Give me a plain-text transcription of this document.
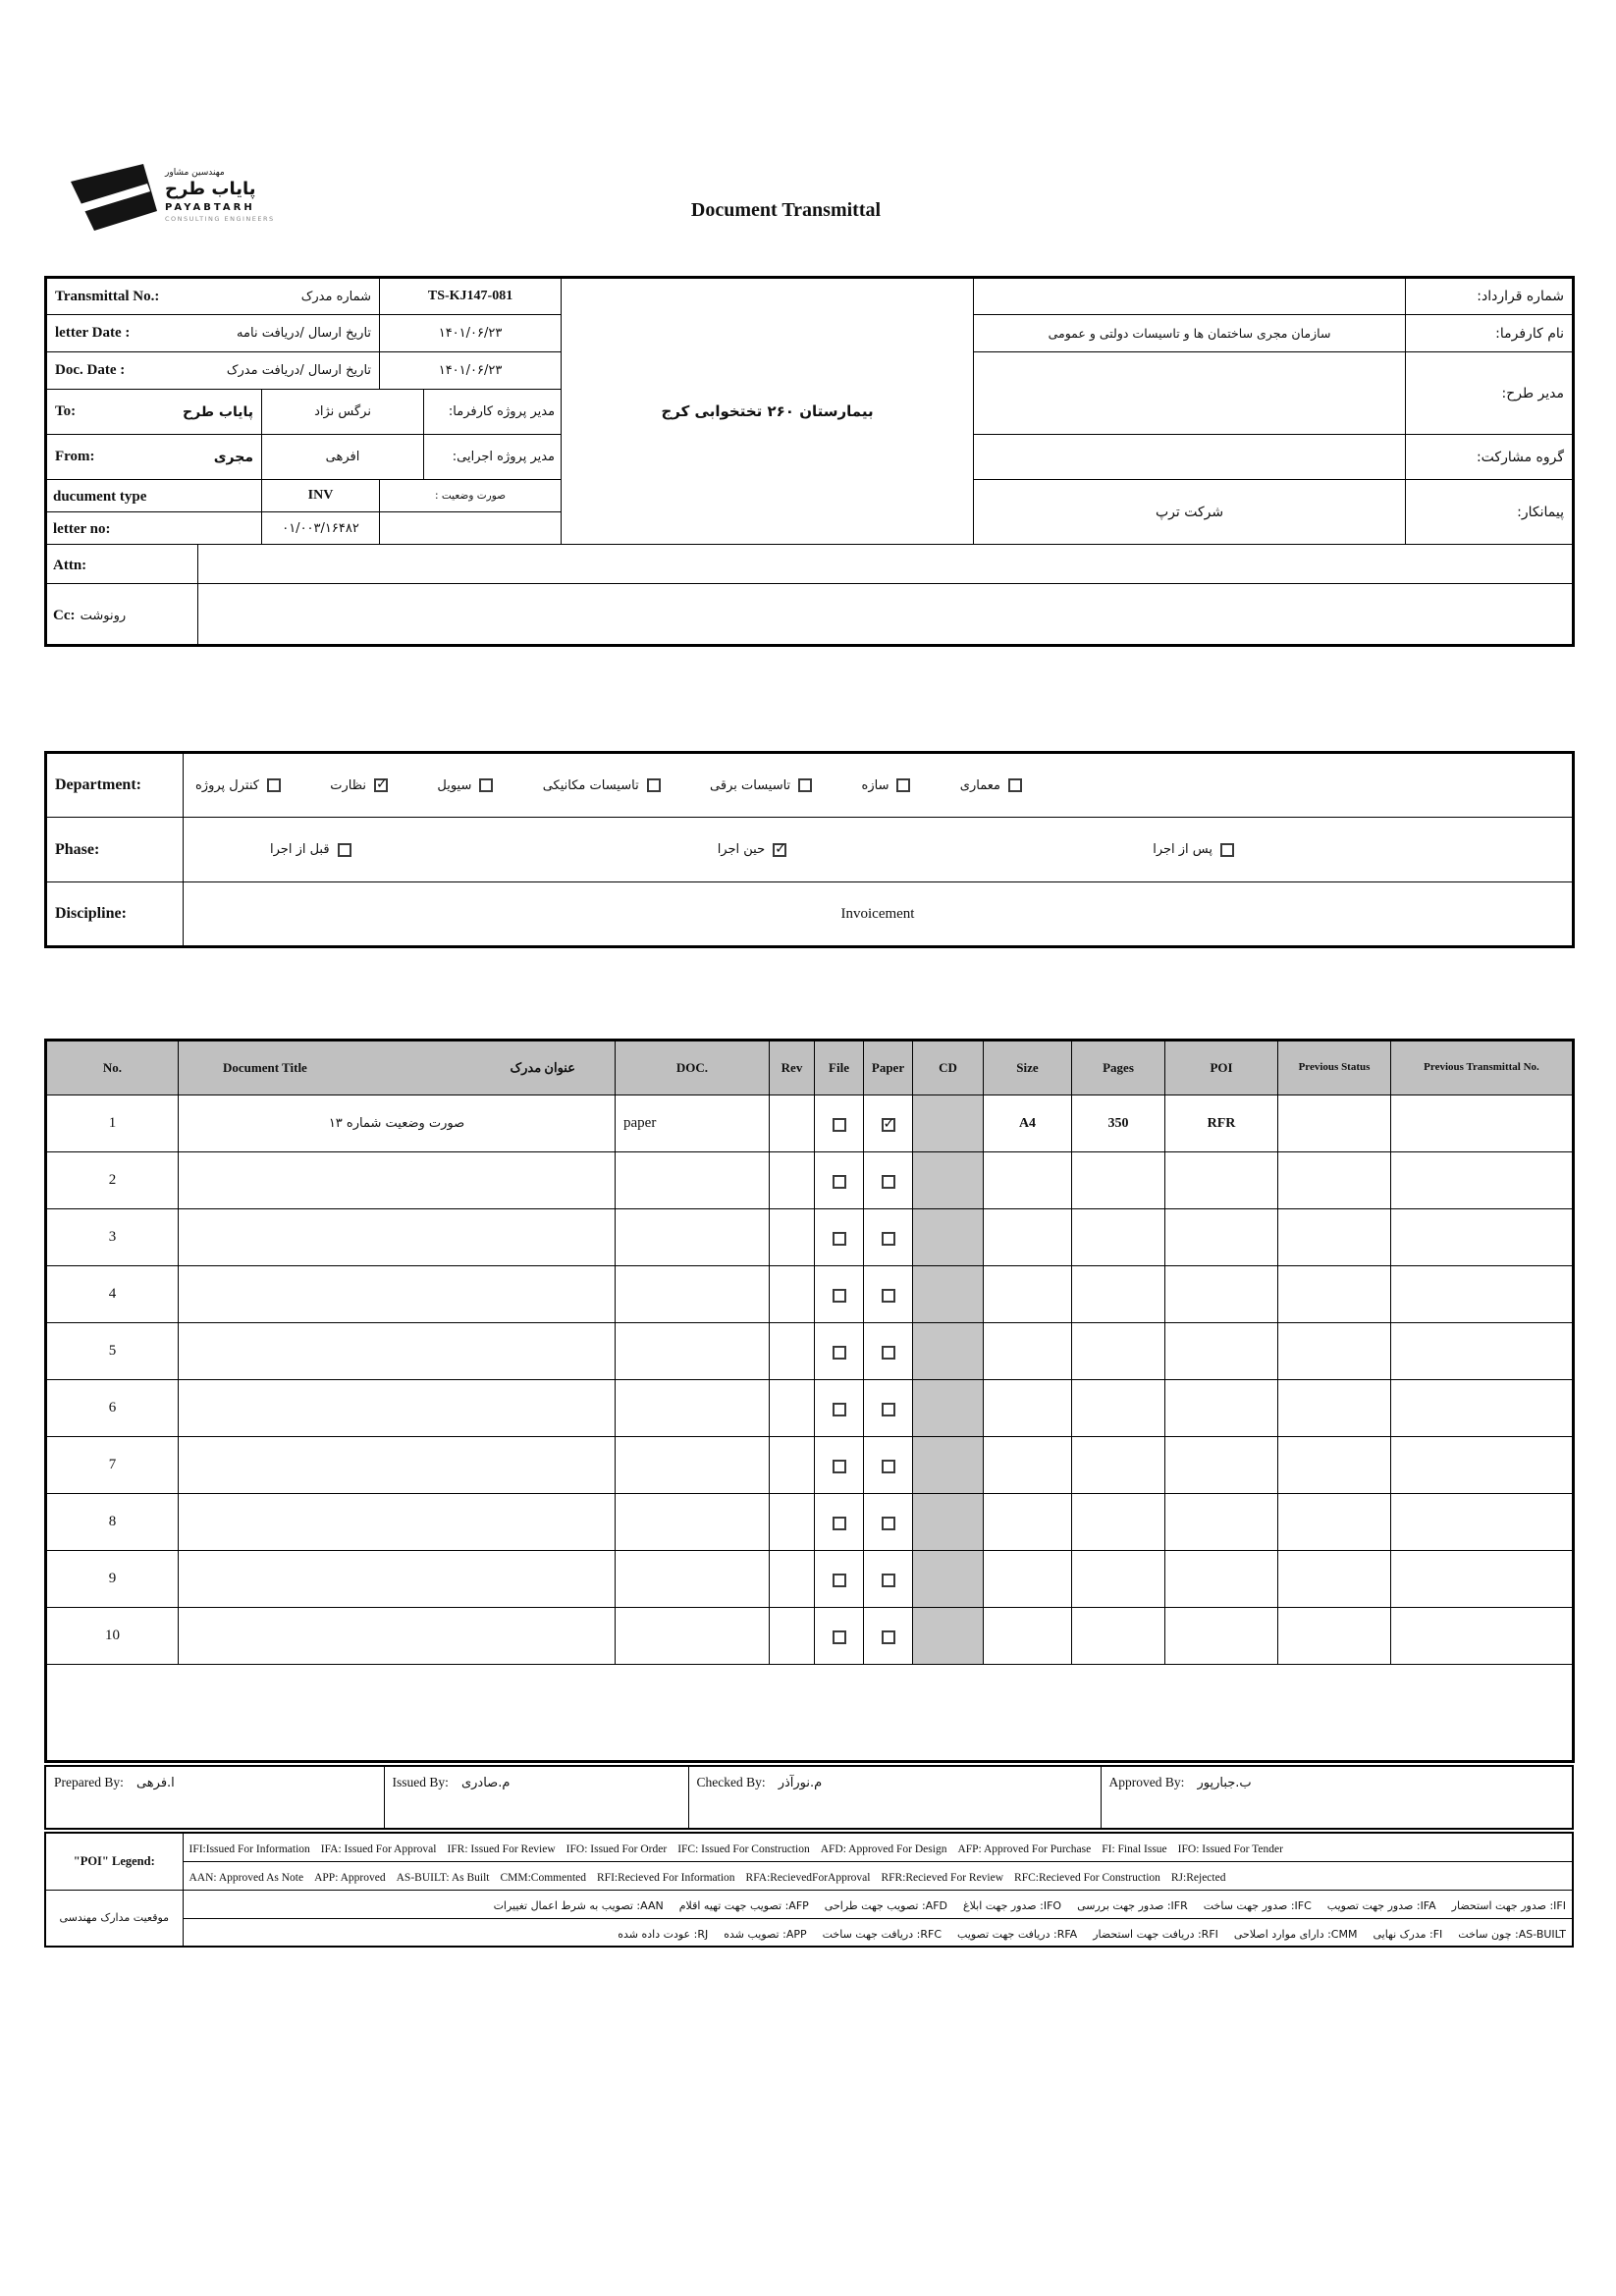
مهندسین مشاور
پایاب طرح
PAYABTARH
CONSULTING ENGINEERS	Document Transmittal
Transmittal No.: شماره مدرک			TS-KJ147-081		بیمارستان ۲۶۰ تختخوابی کرج		شماره قرارداد:

letter Date : تاریخ ارسال /دریافت نامه			۱۴۰۱/۰۶/۲۳			سازمان مجری ساختمان ها و تاسیسات دولتی و عمومی	نام کارفرما:

Doc. Date : تاریخ ارسال /دریافت مدرک			۱۴۰۱/۰۶/۲۳				مدیر طرح:

To: پایاب طرح		نرگس نژاد		مدیر پروژه کارفرما:			

From: مجری		افرهی		مدیر پروژه اجرایی:			گروه مشارکت:
ducument type		INV	صورت وضعیت :			شرکت ترپ	پیمانکار:
letter no:		۰۱/۰۰۳/۱۶۴۸۲					
Attn:							
Cc: رونوشت							
Department:	کنترل پروژه	نظارت ✓	سیویل	تاسیسات مکانیکی	تاسیسات برقی	سازه	معماری

Phase:	قبل از اجرا حین اجرا ✓ پس از اجرا

Discipline:	Invoicement
No.	Document Title عنوان مدرک	DOC.	Rev	File	Paper	CD	Size	Pages	POI	Previous Status	Previous Transmittal No.
1	صورت وضعیت شماره ۱۳	paper			✓		A4	350	RFR		
2											
3											
4											
5											
6											
7											
8											
9											
10											

Prepared By: ا.فرهی	Issued By: م.صادری	Checked By: م.نورآذر	Approved By: ب.جبارپور
"POI" Legend:	IFI:Issued For Information IFA: Issued For Approval IFR: Issued For Review IFO: Issued For Order IFC: Issued For Construction AFD: Approved For Design AFP: Approved For Purchase FI: Final Issue IFO: Issued For Tender
	AAN: Approved As Note APP: Approved AS-BUILT: As Built CMM:Commented RFI:Recieved For Information RFA:RecievedForApproval RFR:Recieved For Review RFC:Recieved For Construction RJ:Rejected
موقعیت مدارک مهندسی	IFI: صدور جهت استحضارIFA: صدور جهت تصویبIFC: صدور جهت ساختIFR: صدور جهت بررسیIFO: صدور جهت ابلاغAFD: تصویب جهت طراحیAFP: تصویب جهت تهیه اقلامAAN: تصویب به شرط اعمال تغییرات
	AS-BUILT: چون ساختFI: مدرک نهاییCMM: دارای موارد اصلاحیRFI: دریافت جهت استحضارRFA: دریافت جهت تصویبRFC: دریافت جهت ساختAPP: تصویب شدهRJ: عودت داده شده
